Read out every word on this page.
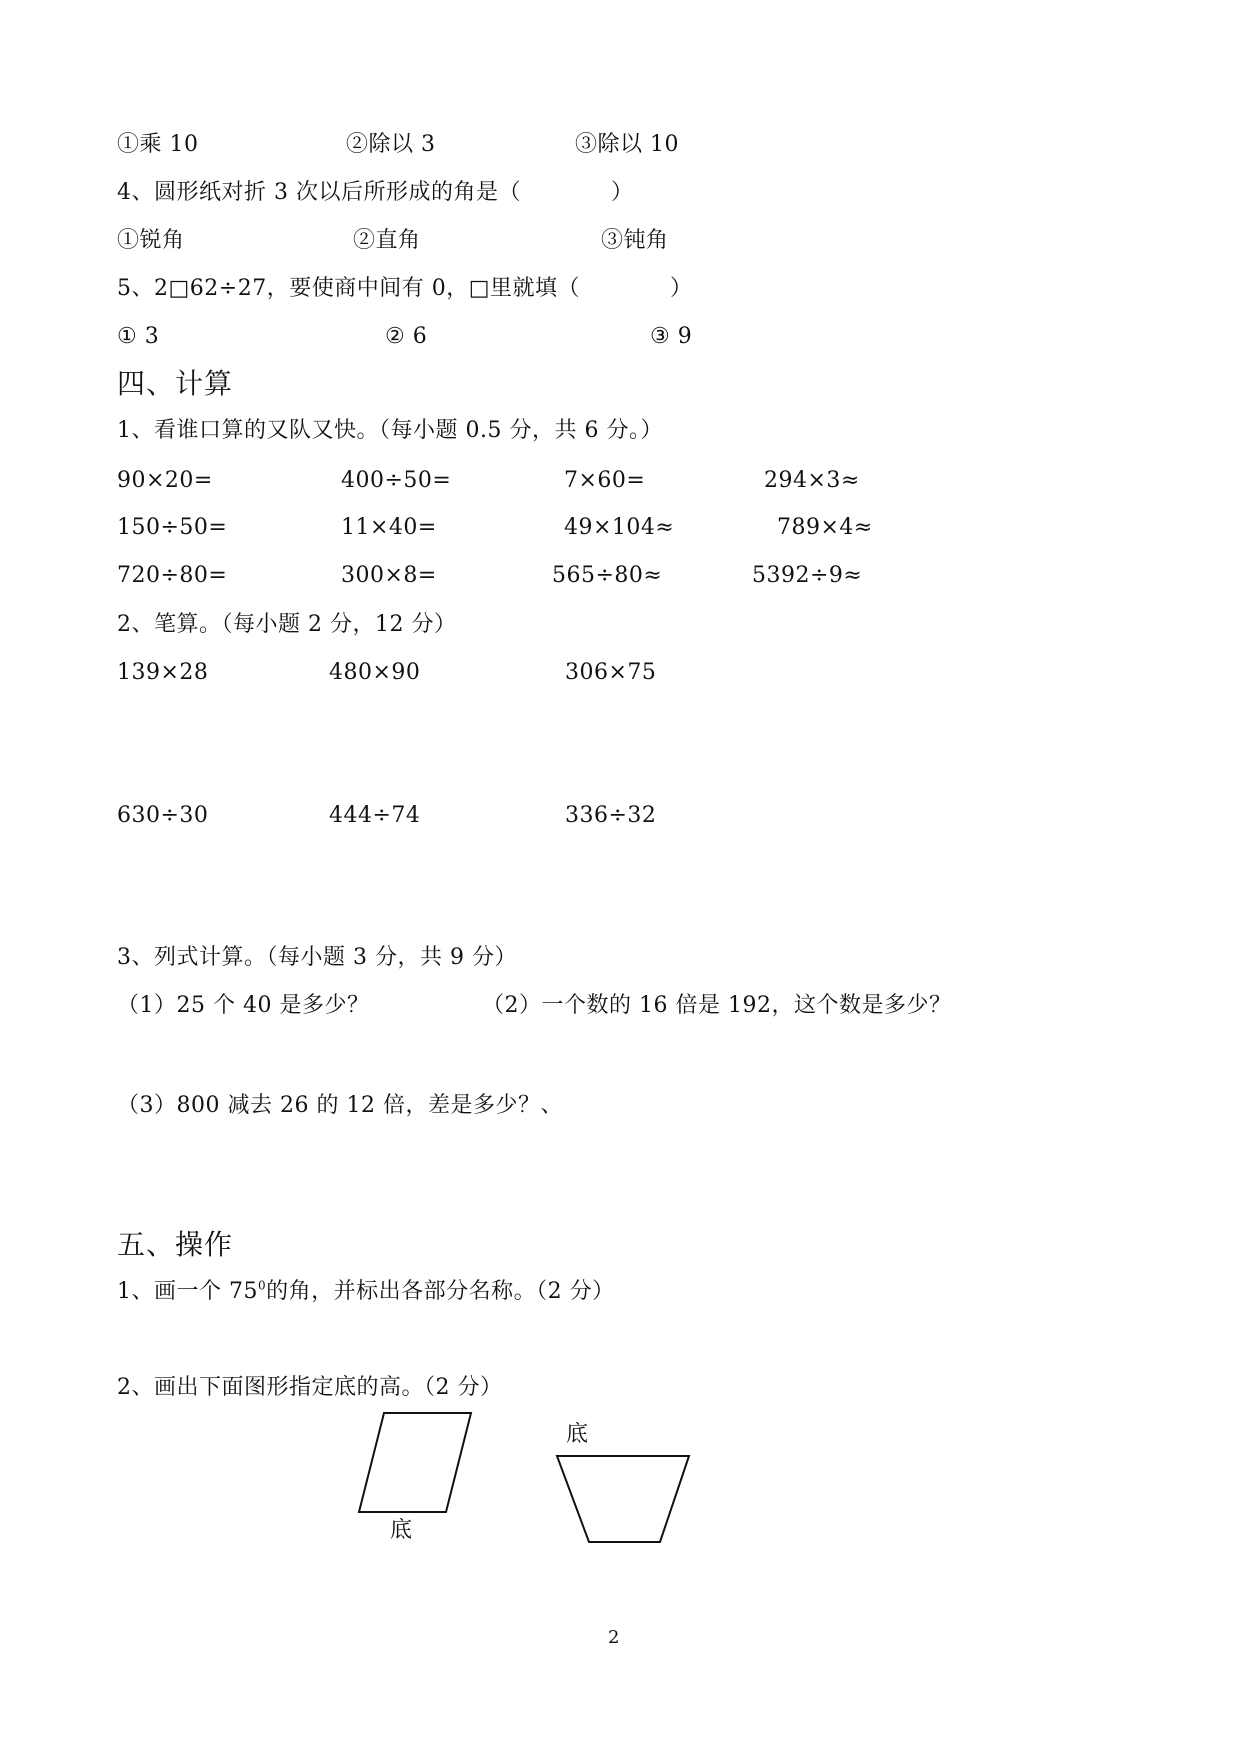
①乘 10	②除以 3	③除以 10
4、圆形纸对折 3 次以后所形成的角是（　　　　）
①锐角	②直角	③钝角
5、2□62÷27，要使商中间有 0，□里就填（　　　　）
① 3	② 6	③ 9
四、计算
1、看谁口算的又队又快。（每小题 0.5 分，共 6 分。）
90×20=	400÷50=	7×60=	294×3≈
150÷50=	11×40=	49×104≈	789×4≈
720÷80=	300×8=	565÷80≈	5392÷9≈
2、笔算。（每小题 2 分，12 分）
139×28	480×90	306×75
630÷30	444÷74	336÷32
3、列式计算。（每小题 3 分，共 9 分）
（1）25 个 40 是多少？	（2）一个数的 16 倍是 192，这个数是多少？
（3）800 减去 26 的 12 倍，差是多少？、
五、操作
1、画一个 $75^0$的角，并标出各部分名称。（2 分）
2、画出下面图形指定底的高。（2 分）
底
底
2
